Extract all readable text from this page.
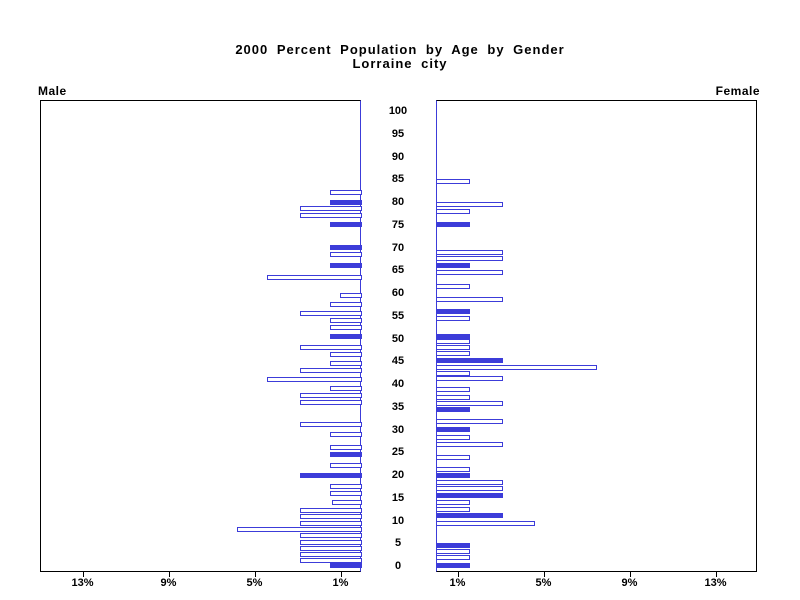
2000 Percent Population by Age by Gender
Lorraine city
Male	Female
0
5
10
15
20
25
30
35
40
45
50
55
60
65
70
75
80
85
90
95
100
13%	9%	5%	1%	1%	5%	9%	13%
